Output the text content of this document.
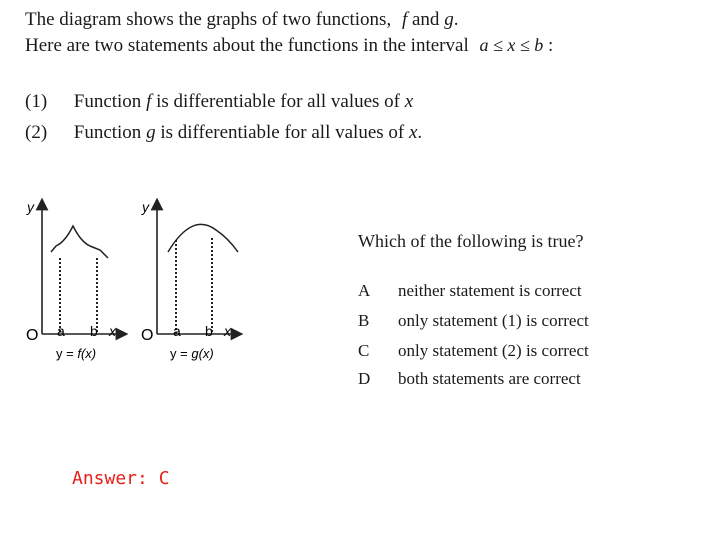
The diagram shows the graphs of two functions, f and g.
Here are two statements about the functions in the interval a ≤ x ≤ b :
(1) Function f is differentiable for all values of x
(2) Function g is differentiable for all values of x.
y
O a b x
y = f(x)
y
O a b x
y = g(x)
Which of the following is true?
A neither statement is correct
B only statement (1) is correct
C only statement (2) is correct
D both statements are correct
Answer: C
